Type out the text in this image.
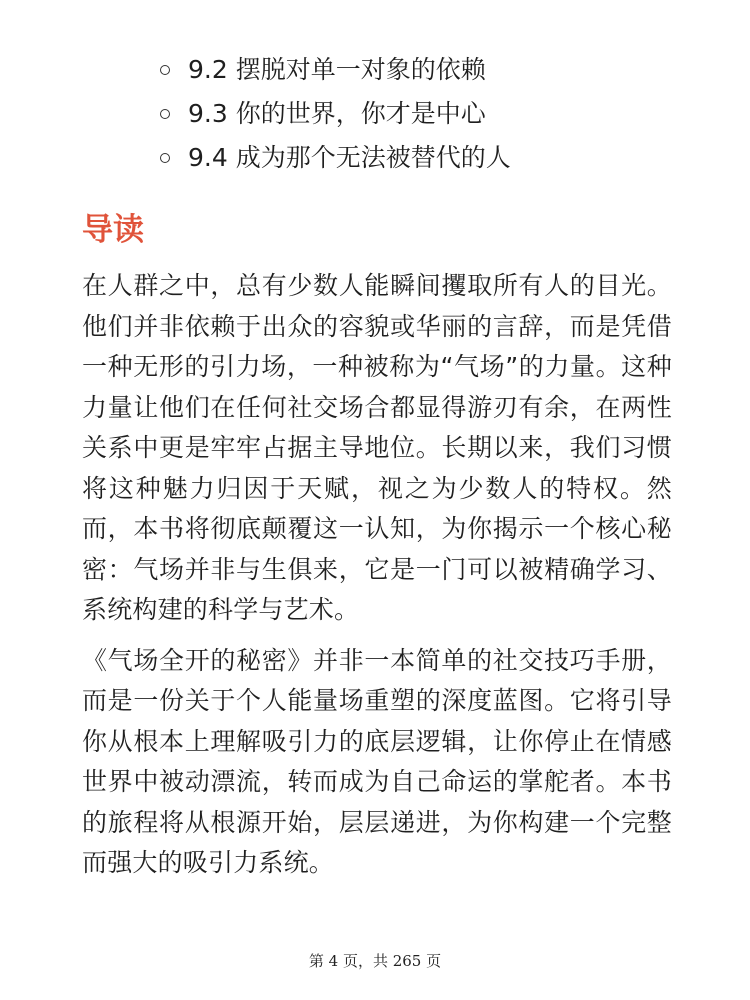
9.2 摆脱对单一对象的依赖
9.3 你的世界，你才是中心
9.4 成为那个无法被替代的人
导读

在人群之中，总有少数人能瞬间攫取所有人的目光。他们并非依赖于出众的容貌或华丽的言辞，而是凭借一种无形的引力场，一种被称为“气场”的力量。这种力量让他们在任何社交场合都显得游刃有余，在两性关系中更是牢牢占据主导地位。长期以来，我们习惯将这种魅力归因于天赋，视之为少数人的特权。然而，本书将彻底颠覆这一认知，为你揭示一个核心秘密：气场并非与生俱来，它是一门可以被精确学习、系统构建的科学与艺术。

《气场全开的秘密》并非一本简单的社交技巧手册，而是一份关于个人能量场重塑的深度蓝图。它将引导你从根本上理解吸引力的底层逻辑，让你停止在情感世界中被动漂流，转而成为自己命运的掌舵者。本书的旅程将从根源开始，层层递进，为你构建一个完整而强大的吸引力系统。

第 4 页，共 265 页
